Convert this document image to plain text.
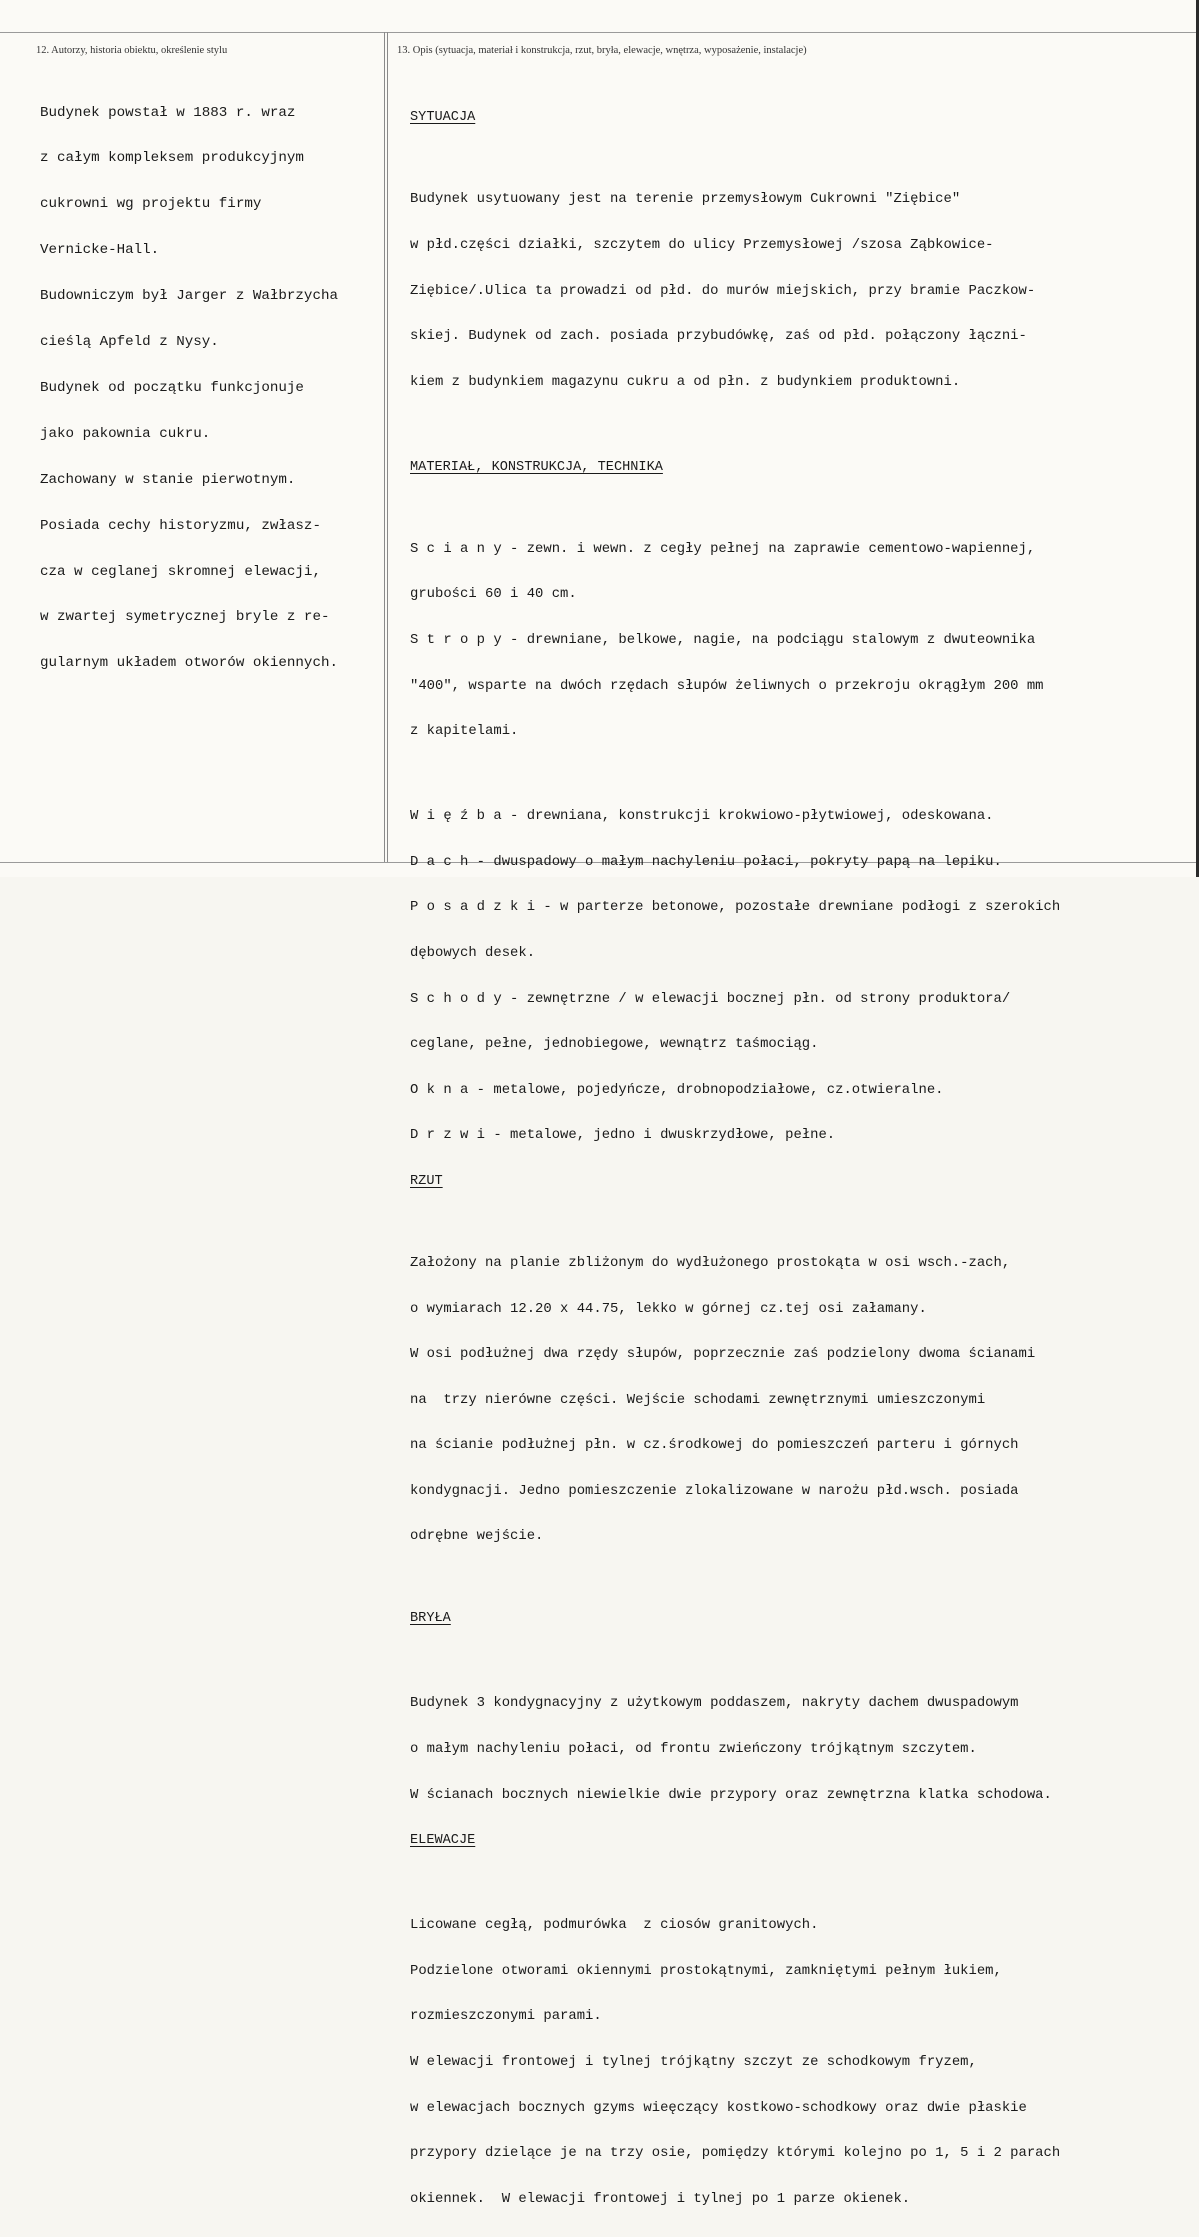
12. Autorzy, historia obiektu, określenie stylu	13. Opis (sytuacja, materiał i konstrukcja, rzut, bryła, elewacje, wnętrza, wyposażenie, instalacje)

Budynek powstał w 1883 r. wraz

z całym kompleksem produkcyjnym

cukrowni wg projektu firmy

Vernicke-Hall.

Budowniczym był Jarger z Wałbrzycha

cieślą Apfeld z Nysy.

Budynek od początku funkcjonuje

jako pakownia cukru.

Zachowany w stanie pierwotnym.

Posiada cechy historyzmu, zwłasz-

cza w ceglanej skromnej elewacji,

w zwartej symetrycznej bryle z re-

gularnym układem otworów okiennych.

SYTUACJA

Budynek usytuowany jest na terenie przemysłowym Cukrowni "Ziębice"

w płd.części działki, szczytem do ulicy Przemysłowej /szosa Ząbkowice-

Ziębice/.Ulica ta prowadzi od płd. do murów miejskich, przy bramie Paczkow-

skiej. Budynek od zach. posiada przybudówkę, zaś od płd. połączony łączni-

kiem z budynkiem magazynu cukru a od płn. z budynkiem produktowni.

MATERIAŁ, KONSTRUKCJA, TECHNIKA

S c i a n y - zewn. i wewn. z cegły pełnej na zaprawie cementowo-wapiennej,

grubości 60 i 40 cm.

S t r o p y - drewniane, belkowe, nagie, na podciągu stalowym z dwuteownika

"400", wsparte na dwóch rzędach słupów żeliwnych o przekroju okrągłym 200 mm

z kapitelami.

W i ę ź b a - drewniana, konstrukcji krokwiowo-płytwiowej, odeskowana.

D a c h - dwuspadowy o małym nachyleniu połaci, pokryty papą na lepiku.

P o s a d z k i - w parterze betonowe, pozostałe drewniane podłogi z szerokich

dębowych desek.

S c h o d y - zewnętrzne / w elewacji bocznej płn. od strony produktora/

ceglane, pełne, jednobiegowe, wewnątrz taśmociąg.

O k n a - metalowe, pojedyńcze, drobnopodziałowe, cz.otwieralne.

D r z w i - metalowe, jedno i dwuskrzydłowe, pełne.

RZUT

Założony na planie zbliżonym do wydłużonego prostokąta w osi wsch.-zach,

o wymiarach 12.20 x 44.75, lekko w górnej cz.tej osi załamany.

W osi podłużnej dwa rzędy słupów, poprzecznie zaś podzielony dwoma ścianami

na  trzy nierówne części. Wejście schodami zewnętrznymi umieszczonymi

na ścianie podłużnej płn. w cz.środkowej do pomieszczeń parteru i górnych

kondygnacji. Jedno pomieszczenie zlokalizowane w narożu płd.wsch. posiada

odrębne wejście.

BRYŁA

Budynek 3 kondygnacyjny z użytkowym poddaszem, nakryty dachem dwuspadowym

o małym nachyleniu połaci, od frontu zwieńczony trójkątnym szczytem.

W ścianach bocznych niewielkie dwie przypory oraz zewnętrzna klatka schodowa.

ELEWACJE

Licowane cegłą, podmurówka  z ciosów granitowych.

Podzielone otworami okiennymi prostokątnymi, zamkniętymi pełnym łukiem,

rozmieszczonymi parami.

W elewacji frontowej i tylnej trójkątny szczyt ze schodkowym fryzem,

w elewacjach bocznych gzyms wieęczący kostkowo-schodkowy oraz dwie płaskie

przypory dzielące je na trzy osie, pomiędzy którymi kolejno po 1, 5 i 2 parach

okiennek.  W elewacji frontowej i tylnej po 1 parze okienek.
